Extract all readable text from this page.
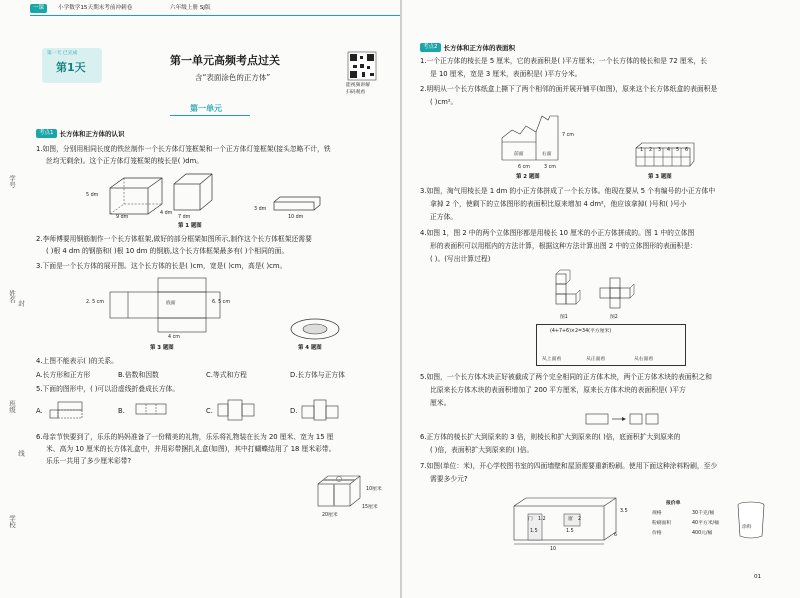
一课	小学数学15天期末考前冲刺卷	六年级上册 SJ版
第一天 已完成
第1天
第一单元高频考点过关
含“表面涂色的正方体”
第一单元
能视频讲解
扫码观看
学号
姓名
封
班级
线
学校
考点1 长方体和正方体的认识
1.如图，分别用相同长度的铁丝制作一个长方体灯笼框架和一个正方体灯笼框架(接头忽略不计，铁
丝均无剩余)。这个正方体灯笼框架的棱长是( )dm。
5 dm
9 dm
4 dm
7 dm
3 dm
10 dm
第 1 题图
2.李师傅要用钢筋制作一个长方体框架,做好的部分框架如图所示,制作这个长方体框架还需要
( )根 4 dm 的钢筋和( )根 10 dm 的钢筋,这个长方体框架最多有( )个相同的面。
3.下面是一个长方体的展开图。这个长方体的长是( )cm，宽是( )cm，高是( )cm。
2. 5 cm	底面	6. 5 cm
4 cm
第 3 题图	第 4 题图
4.上图不能表示( )的关系。
A.长方形和正方形	B.倍数和因数	C.等式和方程	D.长方体与正方体
5.下面的图形中，( )可以沿虚线折叠成长方体。
A.	B.	C.	D.
6.母亲节快要到了，乐乐的妈妈准备了一份精美的礼物，乐乐将礼物装在长为 20 厘米、宽为 15 厘
米、高为 10 厘米的长方体礼盒中，并用彩带捆扎礼盒(如图)，其中打蝴蝶结用了 18 厘米彩带。
乐乐一共用了多少厘米彩带?
10厘米
20厘米
15厘米
考点2 长方体和正方体的表面积
1.一个正方体的棱长是 5 厘米，它的表面积是( )平方厘米；一个长方体的棱长和是 72 厘米，长
是 10 厘米，宽是 3 厘米，表面积是( )平方分米。
2.明明从一个长方体纸盒上撕下了两个相邻的面并展开铺平(如图)，原来这个长方体纸盒的表面积是
( )cm²。
前面	右面
6 cm	3 cm
7 cm
第 2 题图
1 2 3 4 5 6
第 3 题图
3.如图，淘气用棱长是 1 dm 的小正方体拼成了一个长方体。他现在要从 5 个有编号的小正方体中
拿掉 2 个，使剩下的立体图形的表面积比原来增加 4 dm²，他应该拿掉( )号和( )号小
正方体。
4.如图 1，图 2 中的两个立体图形都是用棱长 10 厘米的小正方体拼成的。图 1 中的立体图
形的表面积可以用框内的方法计算，根据这种方法计算出图 2 中的立体图形的表面积是：
( )。(写出计算过程)
图1	图2
(4+7+6)×2=34(平方厘米)
从上面看	从正面看	从右面看
5.如图，一个长方体木块正好被截成了两个完全相同的正方体木块，两个正方体木块的表面积之和
比原来长方体木块的表面积增加了 200 平方厘米，原来长方体木块的表面积是( )平方
厘米。
6.正方体的棱长扩大到原来的 3 倍，则棱长和扩大到原来的( )倍，底面积扩大到原来的
( )倍，表面积扩大到原来的( )倍。
7.如图(单位：米)，开心学校图书室的四面墙壁和屋顶需要重新粉刷。使用下面这种涂料粉刷，至少
需要多少元?
门 1.2	窗 2
1.5	1.5
10
3.5
6
报价单
规格	30千克/桶
粉刷面积	40平方米/桶
价格	400元/桶
涂料
01
